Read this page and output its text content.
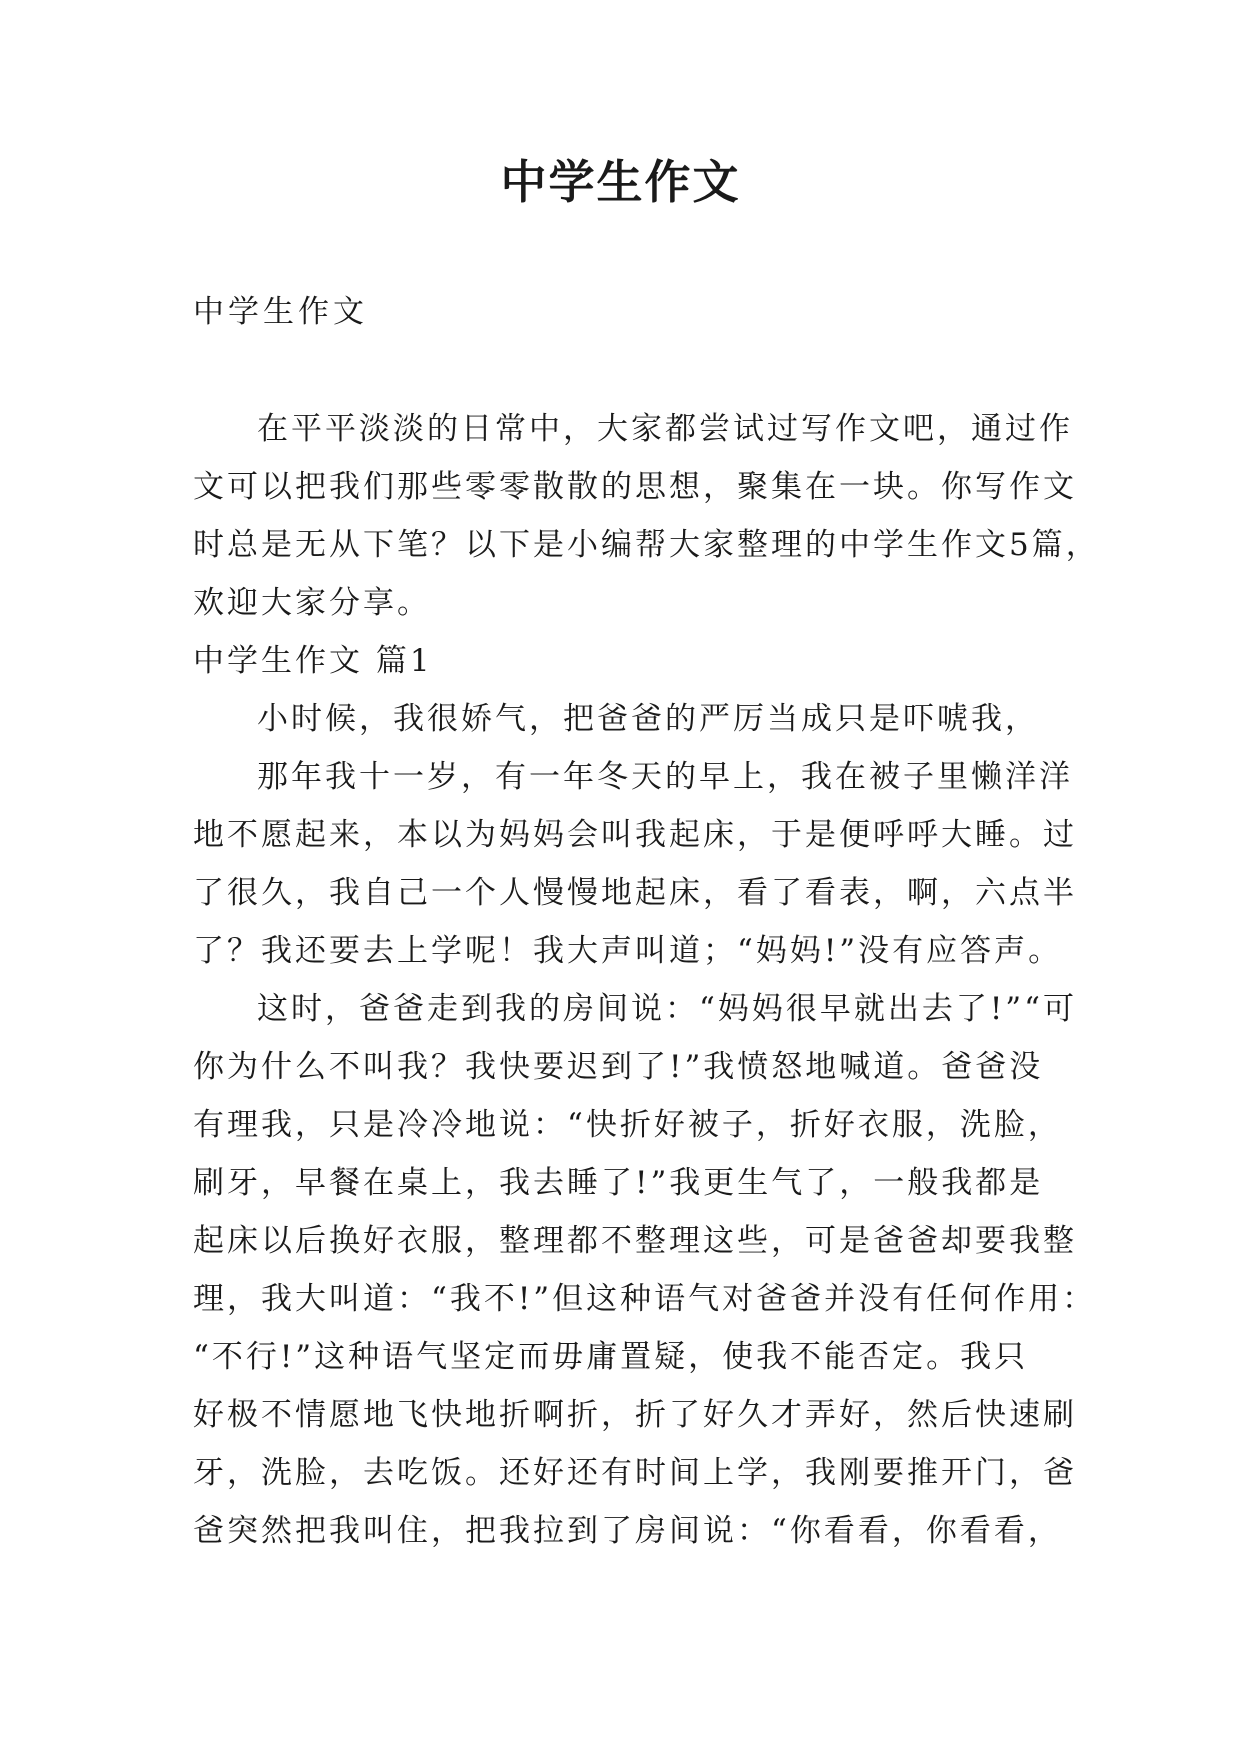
中学生作文
中学生作文
在平平淡淡的日常中，大家都尝试过写作文吧，通过作
文可以把我们那些零零散散的思想，聚集在一块。你写作文
时总是无从下笔？以下是小编帮大家整理的中学生作文5篇，
欢迎大家分享。
中学生作文 篇1
小时候，我很娇气，把爸爸的严厉当成只是吓唬我，
那年我十一岁，有一年冬天的早上，我在被子里懒洋洋
地不愿起来，本以为妈妈会叫我起床，于是便呼呼大睡。过
了很久，我自己一个人慢慢地起床，看了看表，啊，六点半
了？我还要去上学呢！我大声叫道；“妈妈!”没有应答声。
这时，爸爸走到我的房间说：“妈妈很早就出去了!”“可
你为什么不叫我？我快要迟到了!”我愤怒地喊道。爸爸没
有理我，只是冷冷地说：“快折好被子，折好衣服，洗脸，
刷牙，早餐在桌上，我去睡了!”我更生气了，一般我都是
起床以后换好衣服，整理都不整理这些，可是爸爸却要我整
理，我大叫道：“我不!”但这种语气对爸爸并没有任何作用：
“不行!”这种语气坚定而毋庸置疑，使我不能否定。我只
好极不情愿地飞快地折啊折，折了好久才弄好，然后快速刷
牙，洗脸，去吃饭。还好还有时间上学，我刚要推开门，爸
爸突然把我叫住，把我拉到了房间说：“你看看，你看看，
